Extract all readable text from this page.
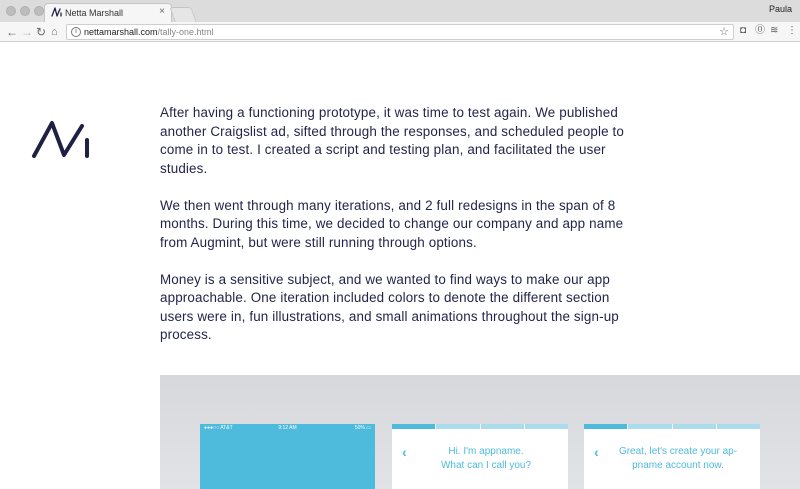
Netta Marshall	×	Paula
← → ↻ ⌂	i nettamarshall.com/tally-one.html	☆ ◘ ⓪ ≋ ⋮

After having a functioning prototype, it was time to test again. We published another Craigslist ad, sifted through the responses, and scheduled people to come in to test. I created a script and testing plan, and facilitated the user studies.

We then went through many iterations, and 2 full redesigns in the span of 8 months. During this time, we decided to change our company and app name from Augmint, but were still running through options.

Money is a sensitive subject, and we wanted to find ways to make our app approachable. One iteration included colors to denote the different section users were in, fun illustrations, and small animations throughout the sign-up process.

●●●○○ AT&T	9:12 AM	50% ▭
‹	Hi. I'm appname.
What can I call you?
‹	Great, let's create your ap-
pname account now.
